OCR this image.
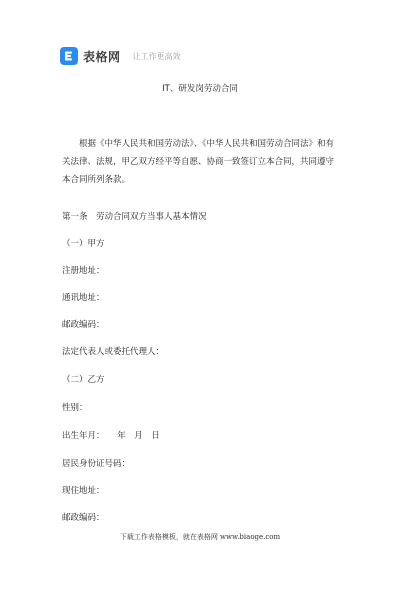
表格网 让工作更高效
IT、研发岗劳动合同

根据《中华人民共和国劳动法》、《中华人民共和国劳动合同法》和有关法律、法规，甲乙双方经平等自愿、协商一致签订立本合同，共同遵守本合同所列条款。

第一条　劳动合同双方当事人基本情况
（一）甲方
注册地址：
通讯地址：
邮政编码：
法定代表人或委托代理人：
（二）乙方
性别：
出生年月：　　年　月　日
居民身份证号码：
现住地址：
邮政编码：
下载工作表格模板，就在表格网 www.biaoge.com
